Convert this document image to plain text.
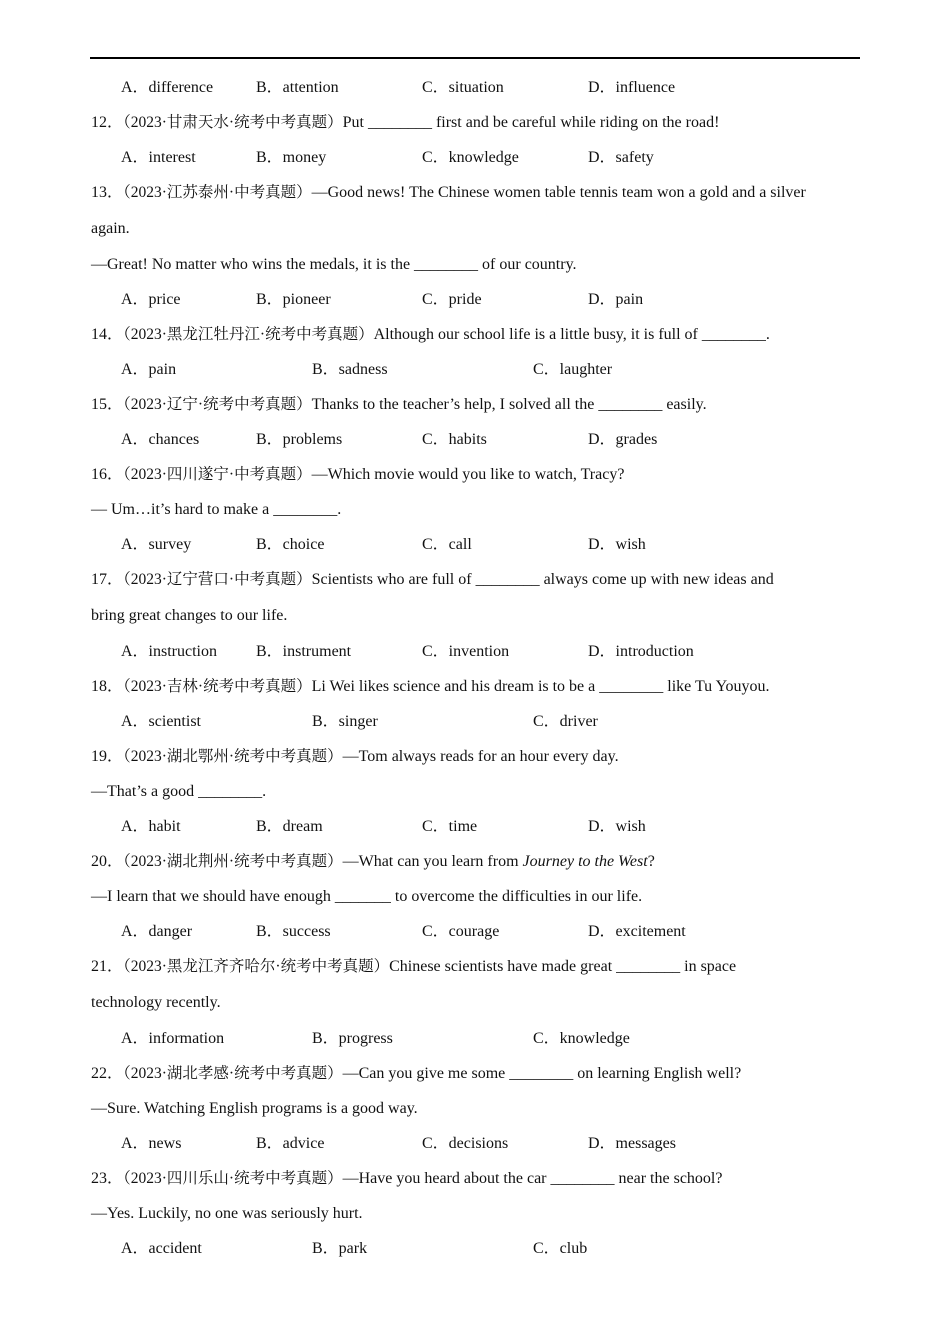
A．difference	B．attention	C．situation	D．influence
12．（2023·甘肃天水·统考中考真题）Put ________ first and be careful while riding on the road!
A．interest	B．money	C．knowledge	D．safety
13．（2023·江苏泰州·中考真题）—Good news! The Chinese women table tennis team won a gold and a silver
again.
—Great! No matter who wins the medals, it is the ________ of our country.
A．price	B．pioneer	C．pride	D．pain
14．（2023·黑龙江牡丹江·统考中考真题）Although our school life is a little busy, it is full of ________.
A．pain	B．sadness	C．laughter
15．（2023·辽宁·统考中考真题）Thanks to the teacher’s help, I solved all the ________ easily.
A．chances	B．problems	C．habits	D．grades
16．（2023·四川遂宁·中考真题）—Which movie would you like to watch, Tracy?
— Um…it’s hard to make a ________.
A．survey	B．choice	C．call	D．wish
17．（2023·辽宁营口·中考真题）Scientists who are full of ________ always come up with new ideas and
bring great changes to our life.
A．instruction B．instrument	C．invention	D．introduction
18．（2023·吉林·统考中考真题）Li Wei likes science and his dream is to be a ________ like Tu Youyou.
A．scientist	B．singer	C．driver
19．（2023·湖北鄂州·统考中考真题）—Tom always reads for an hour every day.
—That’s a good ________.
A．habit	B．dream	C．time	D．wish
20．（2023·湖北荆州·统考中考真题）—What can you learn from Journey to the West?
—I learn that we should have enough _______ to overcome the difficulties in our life.
A．danger	B．success	C．courage	D．excitement
21．（2023·黑龙江齐齐哈尔·统考中考真题）Chinese scientists have made great ________ in space
technology recently.
A．information	B．progress	C．knowledge
22．（2023·湖北孝感·统考中考真题）—Can you give me some ________ on learning English well?
—Sure. Watching English programs is a good way.
A．news	B．advice	C．decisions	D．messages
23．（2023·四川乐山·统考中考真题）—Have you heard about the car ________ near the school?
—Yes. Luckily, no one was seriously hurt.
A．accident	B．park	C．club
